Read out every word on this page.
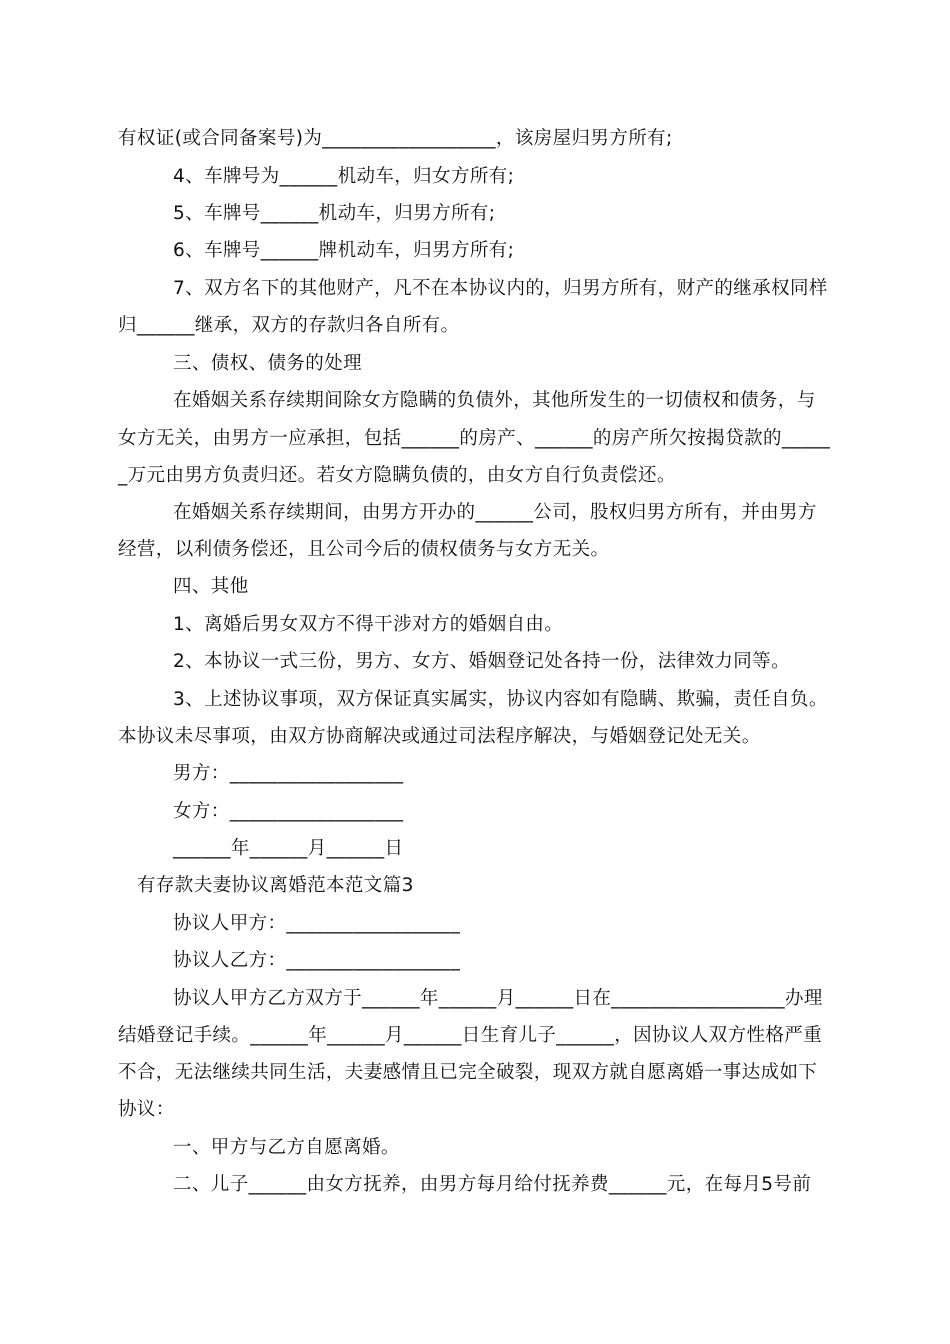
有权证(或合同备案号)为__________________，该房屋归男方所有;
4、车牌号为______机动车，归女方所有;
5、车牌号______机动车，归男方所有;
6、车牌号______牌机动车，归男方所有;
7、双方名下的其他财产，凡不在本协议内的，归男方所有，财产的继承权同样
归______继承，双方的存款归各自所有。
三、债权、债务的处理
在婚姻关系存续期间除女方隐瞒的负债外，其他所发生的一切债权和债务，与
女方无关，由男方一应承担，包括______的房产、______的房产所欠按揭贷款的_____
_万元由男方负责归还。若女方隐瞒负债的，由女方自行负责偿还。
在婚姻关系存续期间，由男方开办的______公司，股权归男方所有，并由男方
经营，以利债务偿还，且公司今后的债权债务与女方无关。
四、其他
1、离婚后男女双方不得干涉对方的婚姻自由。
2、本协议一式三份，男方、女方、婚姻登记处各持一份，法律效力同等。
3、上述协议事项，双方保证真实属实，协议内容如有隐瞒、欺骗，责任自负。
本协议未尽事项，由双方协商解决或通过司法程序解决，与婚姻登记处无关。
男方：__________________
女方：__________________
______年______月______日
有存款夫妻协议离婚范本范文篇3
协议人甲方：__________________
协议人乙方：__________________
协议人甲方乙方双方于______年______月______日在__________________办理
结婚登记手续。______年______月______日生育儿子______，因协议人双方性格严重
不合，无法继续共同生活，夫妻感情且已完全破裂，现双方就自愿离婚一事达成如下
协议：
一、甲方与乙方自愿离婚。
二、儿子______由女方抚养，由男方每月给付抚养费______元，在每月5号前
